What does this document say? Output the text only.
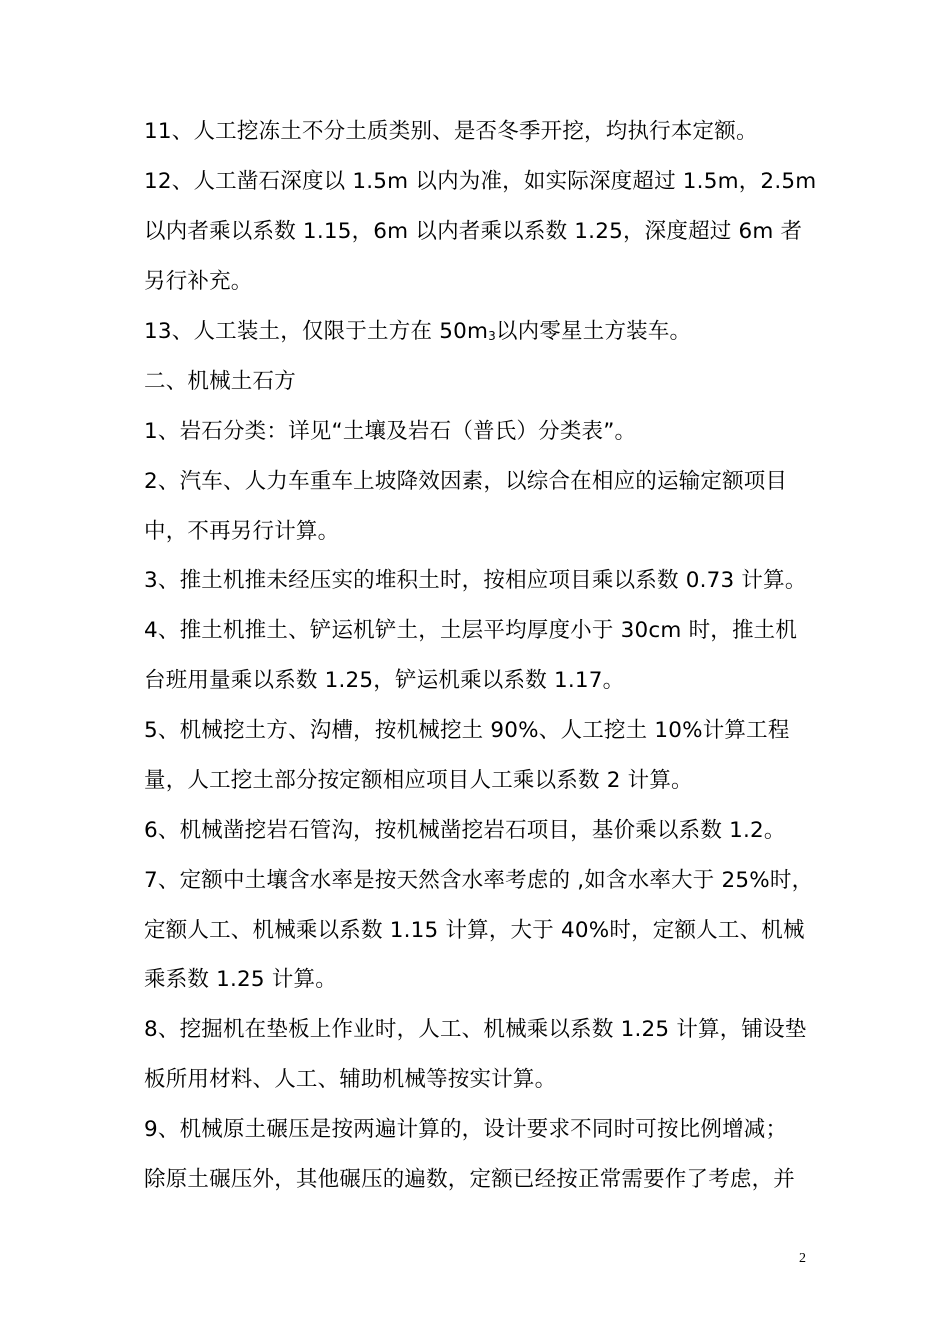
11、人工挖冻土不分土质类别、是否冬季开挖，均执行本定额。
12、人工凿石深度以 1.5m 以内为准，如实际深度超过 1.5m，2.5m
以内者乘以系数 1.15，6m 以内者乘以系数 1.25，深度超过 6m 者
另行补充。
13、人工装土，仅限于土方在 $50m_3$以内零星土方装车。
二、机械土石方
1、岩石分类：详见“土壤及岩石（普氏）分类表”。
2、汽车、人力车重车上坡降效因素，以综合在相应的运输定额项目
中，不再另行计算。
3、推土机推未经压实的堆积土时，按相应项目乘以系数 0.73 计算。
4、推土机推土、铲运机铲土，土层平均厚度小于 30cm 时，推土机
台班用量乘以系数 1.25，铲运机乘以系数 1.17。
5、机械挖土方、沟槽，按机械挖土 90%、人工挖土 10%计算工程
量，人工挖土部分按定额相应项目人工乘以系数 2 计算。
6、机械凿挖岩石管沟，按机械凿挖岩石项目，基价乘以系数 1.2。
7、定额中土壤含水率是按天然含水率考虑的 ,如含水率大于 25%时，
定额人工、机械乘以系数 1.15 计算，大于 40%时，定额人工、机械
乘系数 1.25 计算。
8、挖掘机在垫板上作业时，人工、机械乘以系数 1.25 计算，铺设垫
板所用材料、人工、辅助机械等按实计算。
9、机械原土碾压是按两遍计算的，设计要求不同时可按比例增减；
除原土碾压外，其他碾压的遍数，定额已经按正常需要作了考虑，并
2
